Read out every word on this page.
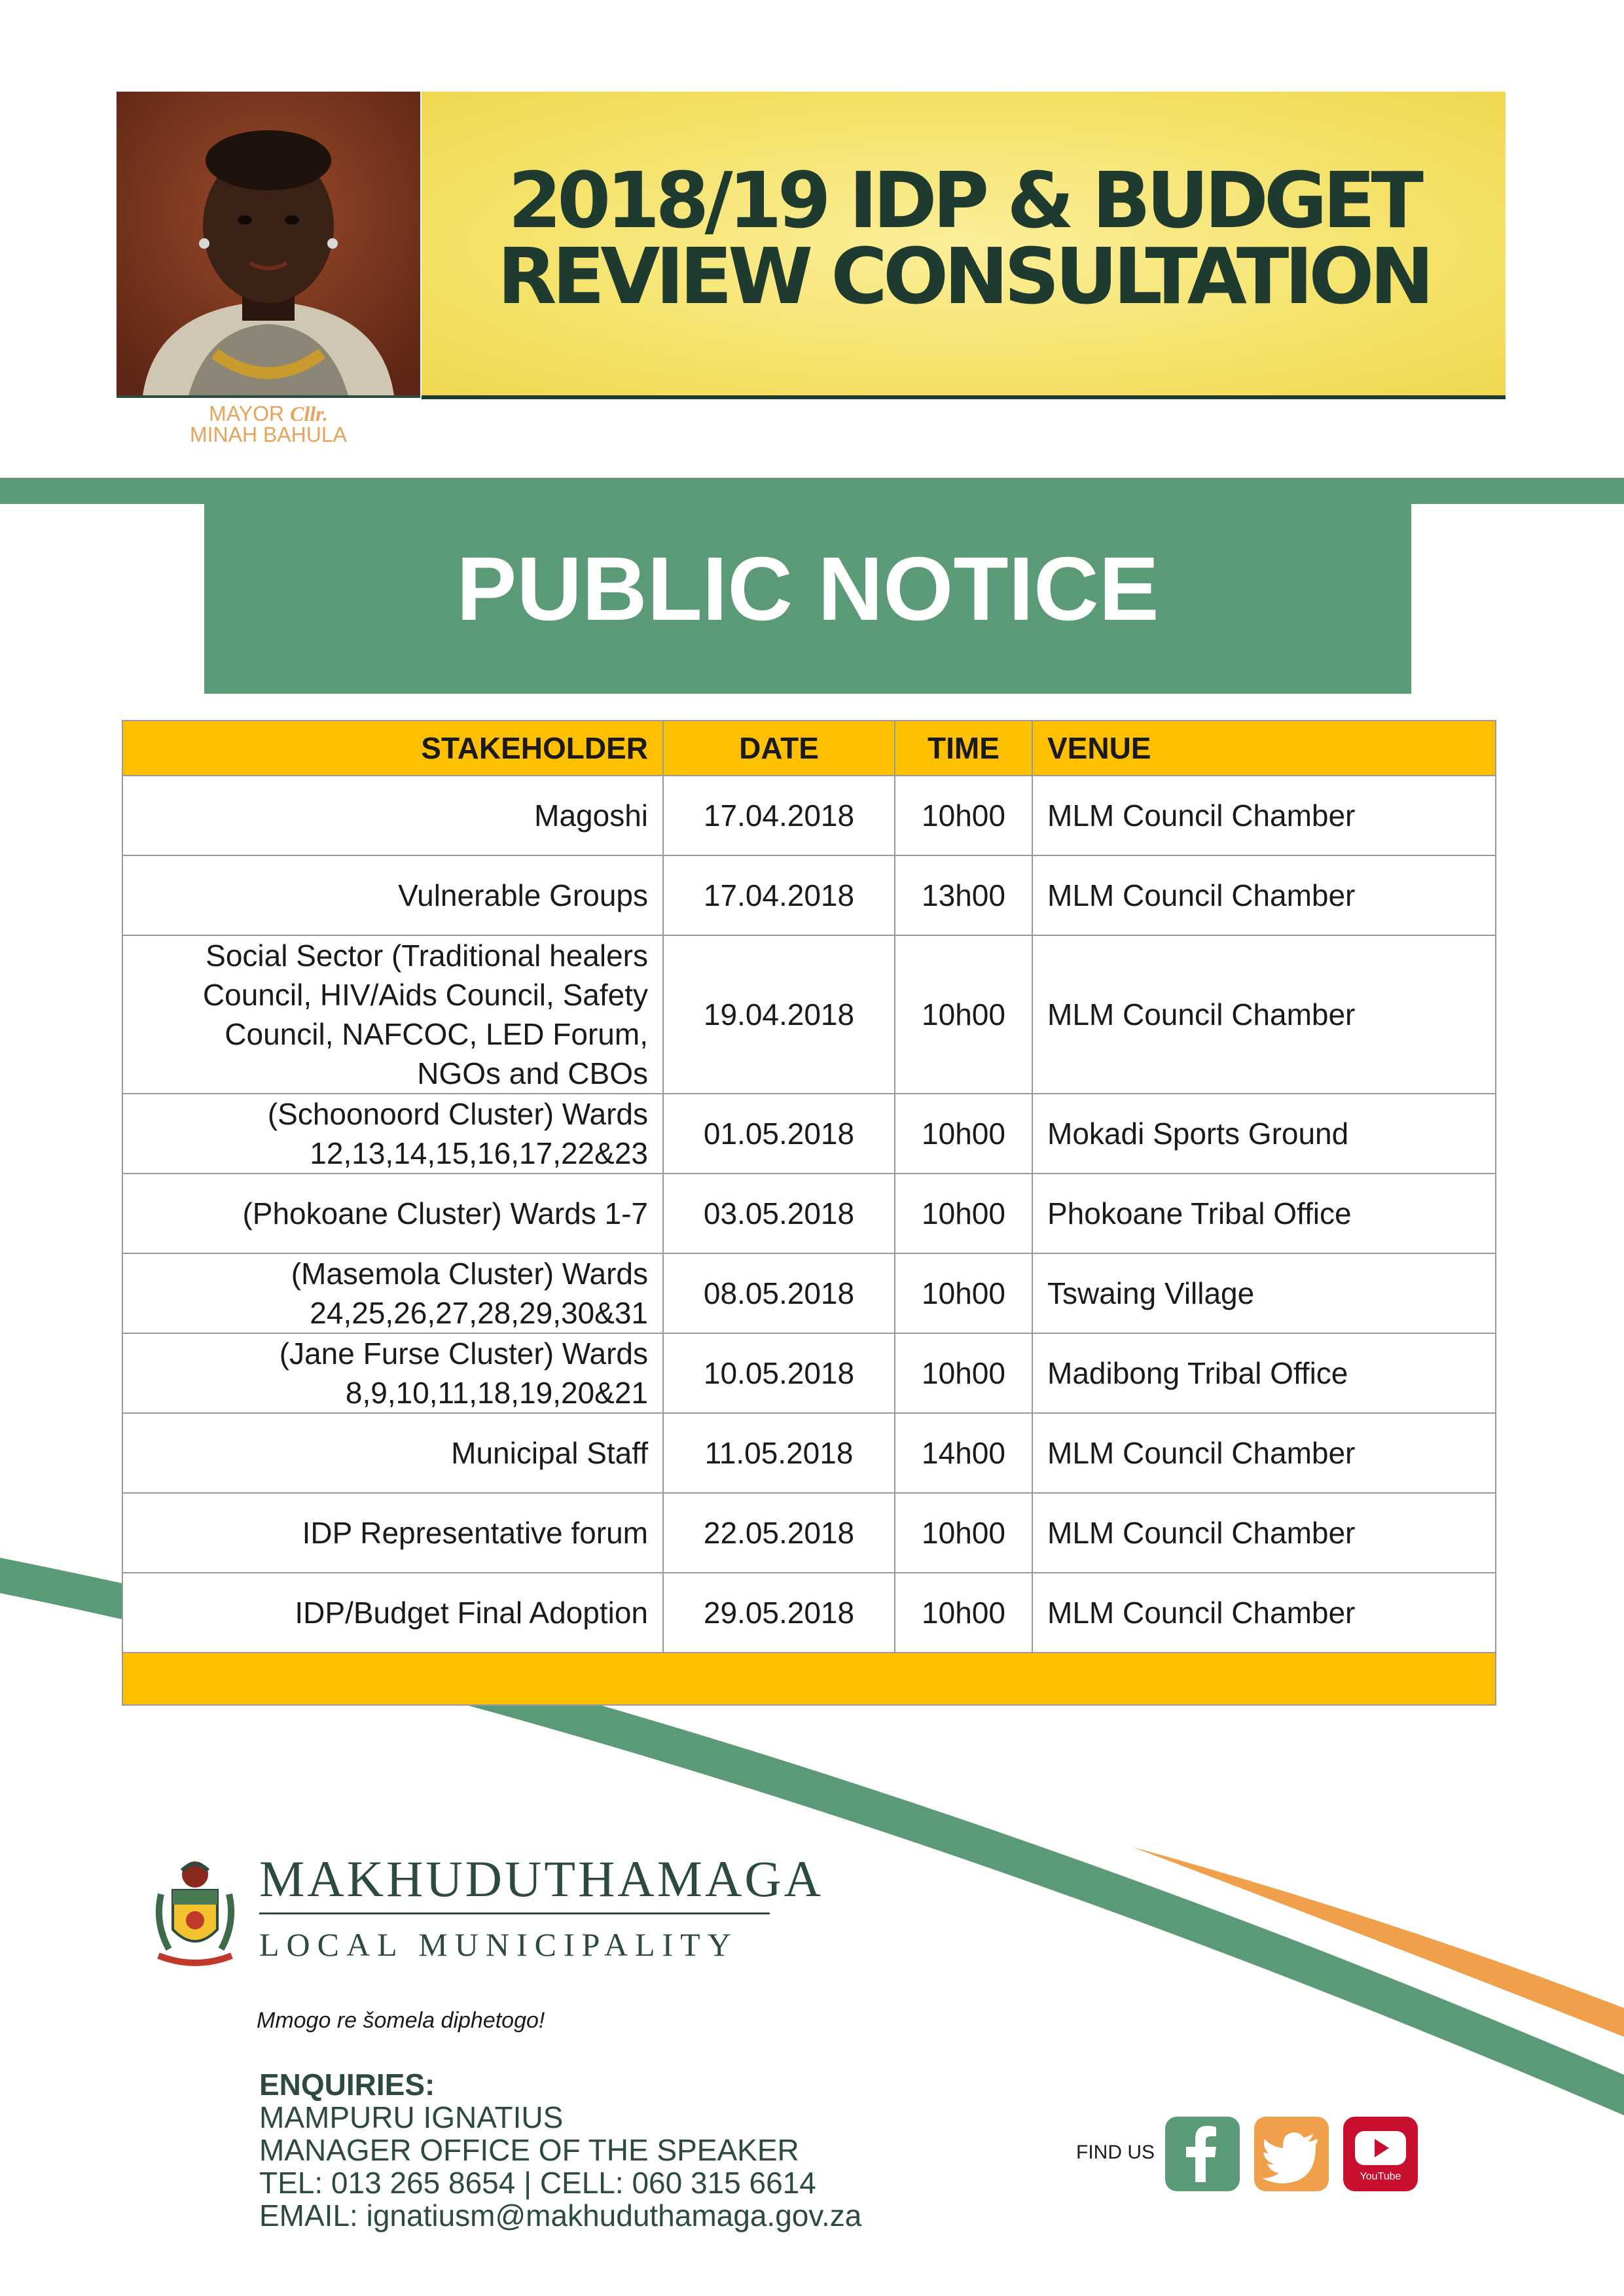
2018/19 IDP & BUDGET
REVIEW CONSULTATION
MAYOR Cllr.
MINAH BAHULA
PUBLIC NOTICE
STAKEHOLDER	DATE	TIME	VENUE

Magoshi	17.04.2018	10h00	MLM Council Chamber

Vulnerable Groups	17.04.2018	13h00	MLM Council Chamber

Social Sector (Traditional healers
Council, HIV/Aids Council, Safety
Council, NAFCOC, LED Forum,
NGOs and CBOs	19.04.2018	10h00	MLM Council Chamber

(Schoonoord Cluster) Wards
12,13,14,15,16,17,22&23	01.05.2018	10h00	Mokadi Sports Ground

(Phokoane Cluster) Wards 1-7	03.05.2018	10h00	Phokoane Tribal Office

(Masemola Cluster) Wards
24,25,26,27,28,29,30&31	08.05.2018	10h00	Tswaing Village

(Jane Furse Cluster) Wards
8,9,10,11,18,19,20&21	10.05.2018	10h00	Madibong Tribal Office

Municipal Staff	11.05.2018	14h00	MLM Council Chamber

IDP Representative forum	22.05.2018	10h00	MLM Council Chamber

IDP/Budget Final Adoption	29.05.2018	10h00	MLM Council Chamber

MAKHUDUTHAMAGA
LOCAL MUNICIPALITY
Mmogo re šomela diphetogo!
ENQUIRIES:
MAMPURU IGNATIUS
MANAGER OFFICE OF THE SPEAKER
TEL: 013 265 8654 | CELL: 060 315 6614
EMAIL: ignatiusm@makhuduthamaga.gov.za
FIND US
YouTube
